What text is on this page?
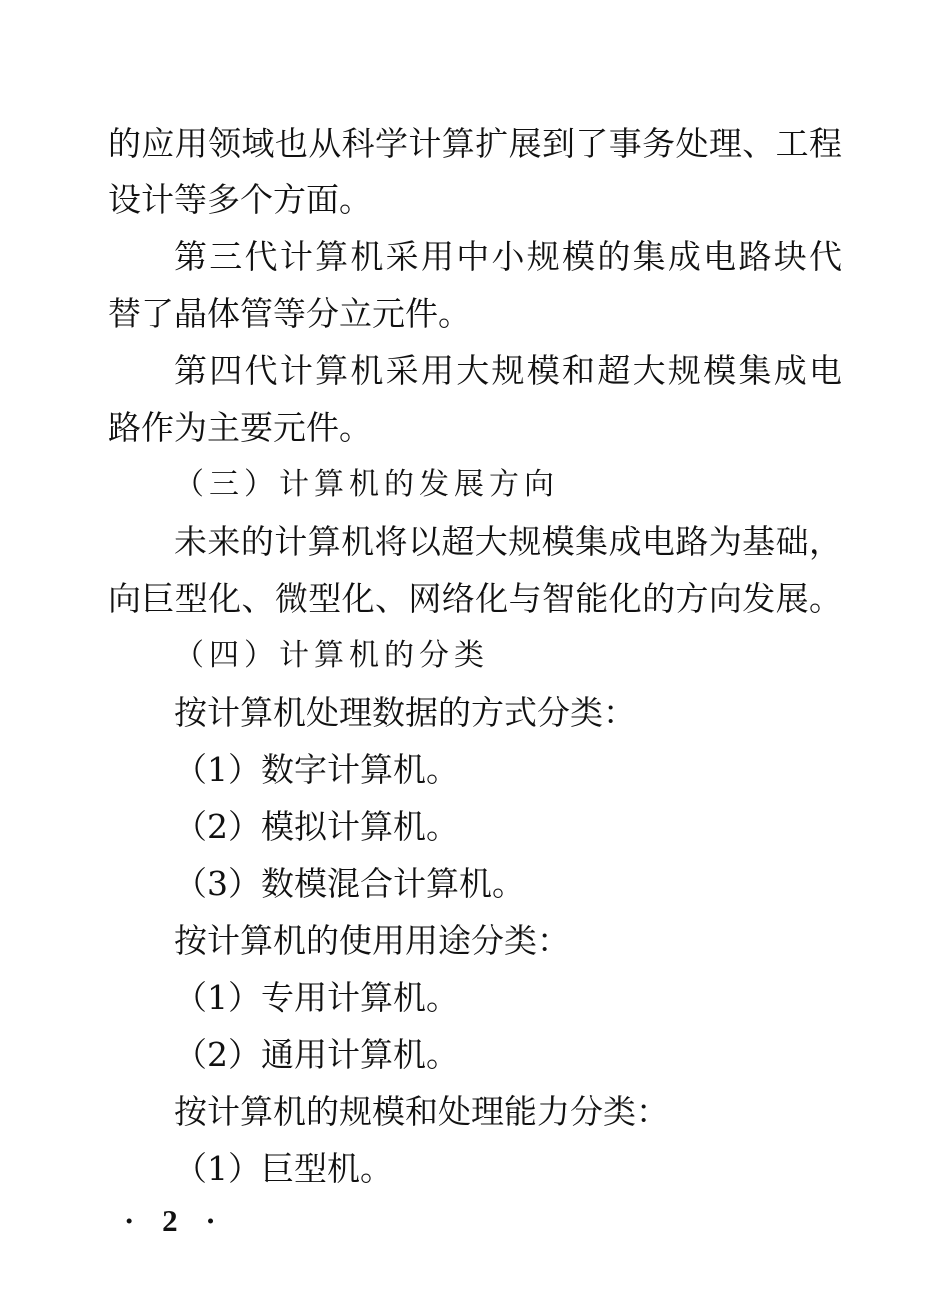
的应用领域也从科学计算扩展到了事务处理、工程
设计等多个方面。
第三代计算机采用中小规模的集成电路块代
替了晶体管等分立元件。
第四代计算机采用大规模和超大规模集成电
路作为主要元件。
（三）计算机的发展方向
未来的计算机将以超大规模集成电路为基础，
向巨型化、微型化、网络化与智能化的方向发展。
（四）计算机的分类
按计算机处理数据的方式分类：
（1）数字计算机。
（2）模拟计算机。
（3）数模混合计算机。
按计算机的使用用途分类：
（1）专用计算机。
（2）通用计算机。
按计算机的规模和处理能力分类：
（1）巨型机。
· 2 ·
